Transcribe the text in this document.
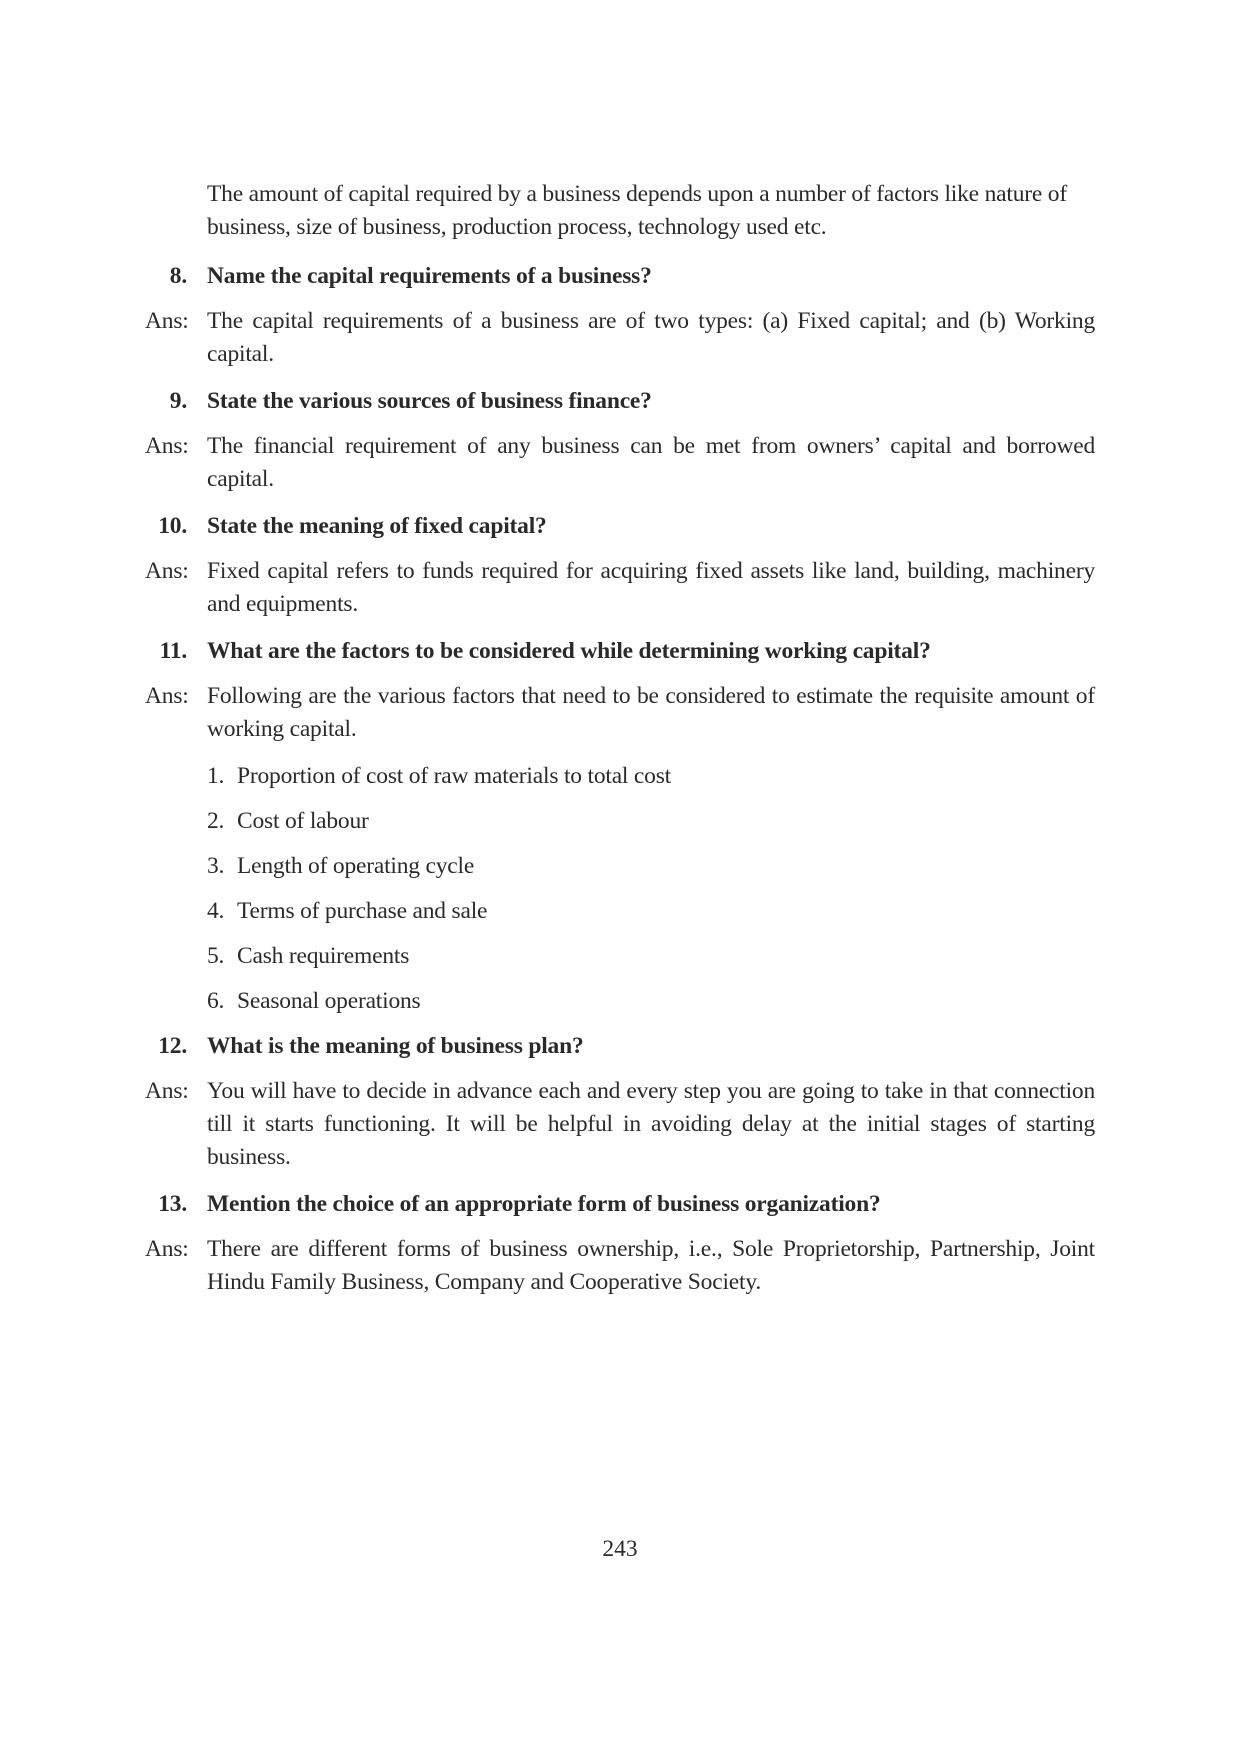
The amount of capital required by a business depends upon a number of factors like nature of business, size of business, production process, technology used etc.

8. Name the capital requirements of a business?
Ans: The capital requirements of a business are of two types: (a) Fixed capital; and (b) Working capital.
9. State the various sources of business finance?
Ans: The financial requirement of any business can be met from owners’ capital and borrowed capital.
10. State the meaning of fixed capital?
Ans: Fixed capital refers to funds required for acquiring fixed assets like land, building, machinery and equipments.
11. What are the factors to be considered while determining working capital?
Ans: Following are the various factors that need to be considered to estimate the requisite amount of working capital.
1. Proportion of cost of raw materials to total cost
2. Cost of labour
3. Length of operating cycle
4. Terms of purchase and sale
5. Cash requirements
6. Seasonal operations
12. What is the meaning of business plan?
Ans: You will have to decide in advance each and every step you are going to take in that connection till it starts functioning. It will be helpful in avoiding delay at the initial stages of starting business.
13. Mention the choice of an appropriate form of business organization?
Ans: There are different forms of business ownership, i.e., Sole Proprietorship, Partnership, Joint Hindu Family Business, Company and Cooperative Society.
243
